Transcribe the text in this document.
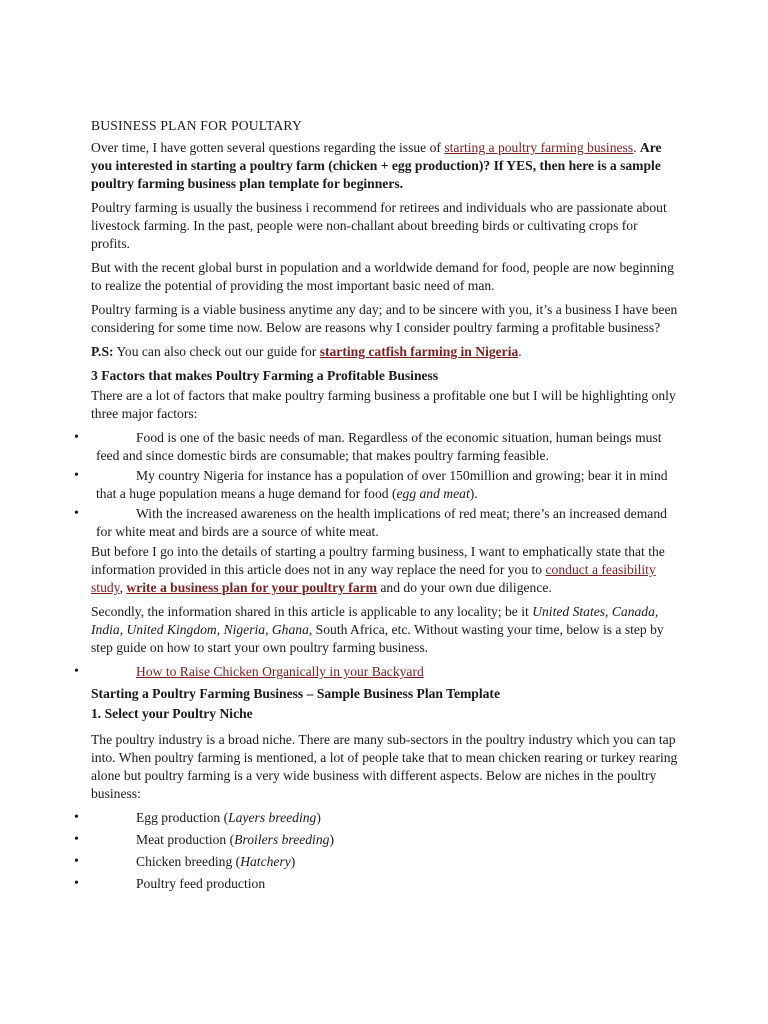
BUSINESS PLAN FOR POULTARY

Over time, I have gotten several questions regarding the issue of starting a poultry farming business. Are you interested in starting a poultry farm (chicken + egg production)? If YES, then here is a sample poultry farming business plan template for beginners.

Poultry farming is usually the business i recommend for retirees and individuals who are passionate about livestock farming. In the past, people were non-challant about breeding birds or cultivating crops for profits.

But with the recent global burst in population and a worldwide demand for food, people are now beginning to realize the potential of providing the most important basic need of man.

Poultry farming is a viable business anytime any day; and to be sincere with you, it’s a business I have been considering for some time now. Below are reasons why I consider poultry farming a profitable business?

P.S: You can also check out our guide for starting catfish farming in Nigeria.

3 Factors that makes Poultry Farming a Profitable Business

There are a lot of factors that make poultry farming business a profitable one but I will be highlighting only three major factors:

•	Food is one of the basic needs of man. Regardless of the economic situation, human beings must feed and since domestic birds are consumable; that makes poultry farming feasible.
•	My country Nigeria for instance has a population of over 150million and growing; bear it in mind that a huge population means a huge demand for food (egg and meat).
•	With the increased awareness on the health implications of red meat; there’s an increased demand for white meat and birds are a source of white meat.

But before I go into the details of starting a poultry farming business, I want to emphatically state that the information provided in this article does not in any way replace the need for you to conduct a feasibility study, write a business plan for your poultry farm and do your own due diligence.

Secondly, the information shared in this article is applicable to any locality; be it United States, Canada, India, United Kingdom, Nigeria, Ghana, South Africa, etc. Without wasting your time, below is a step by step guide on how to start your own poultry farming business.

•	How to Raise Chicken Organically in your Backyard

Starting a Poultry Farming Business – Sample Business Plan Template

1. Select your Poultry Niche

The poultry industry is a broad niche. There are many sub-sectors in the poultry industry which you can tap into. When poultry farming is mentioned, a lot of people take that to mean chicken rearing or turkey rearing alone but poultry farming is a very wide business with different aspects. Below are niches in the poultry business:

•	Egg production (Layers breeding)
•	Meat production (Broilers breeding)
•	Chicken breeding (Hatchery)
•	Poultry feed production
